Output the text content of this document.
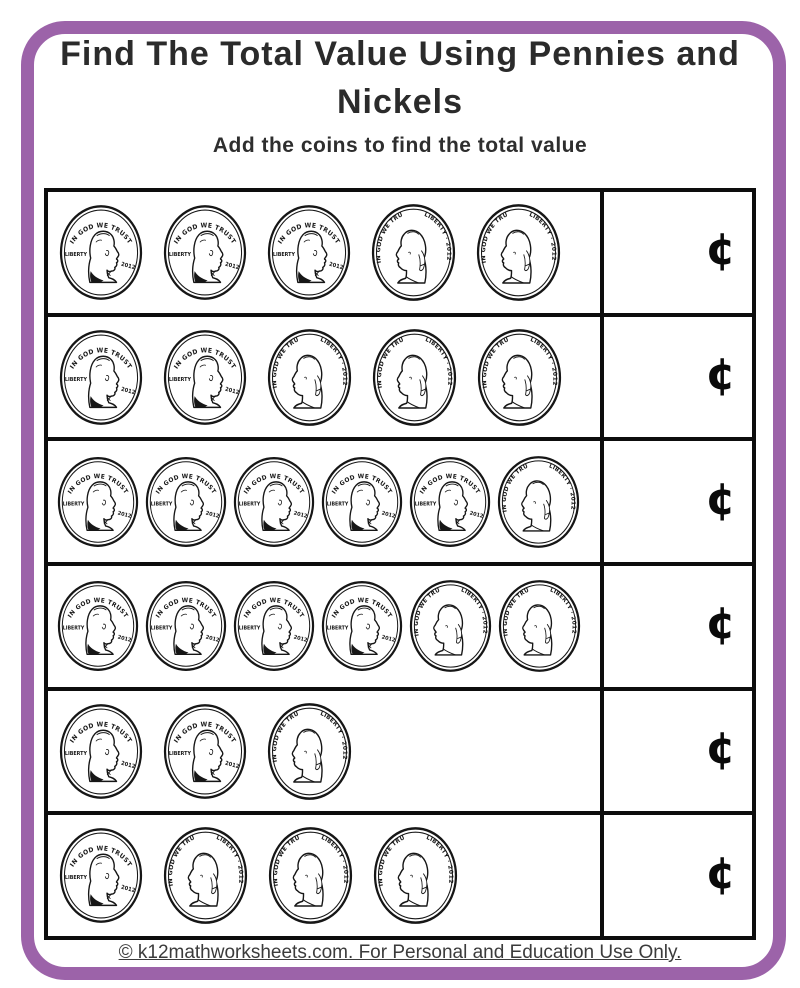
Find The Total Value Using Pennies and
Nickels
Add the coins to find the total value
¢
¢
¢
¢
¢
¢
© k12mathworksheets.com. For Personal and Education Use Only.
